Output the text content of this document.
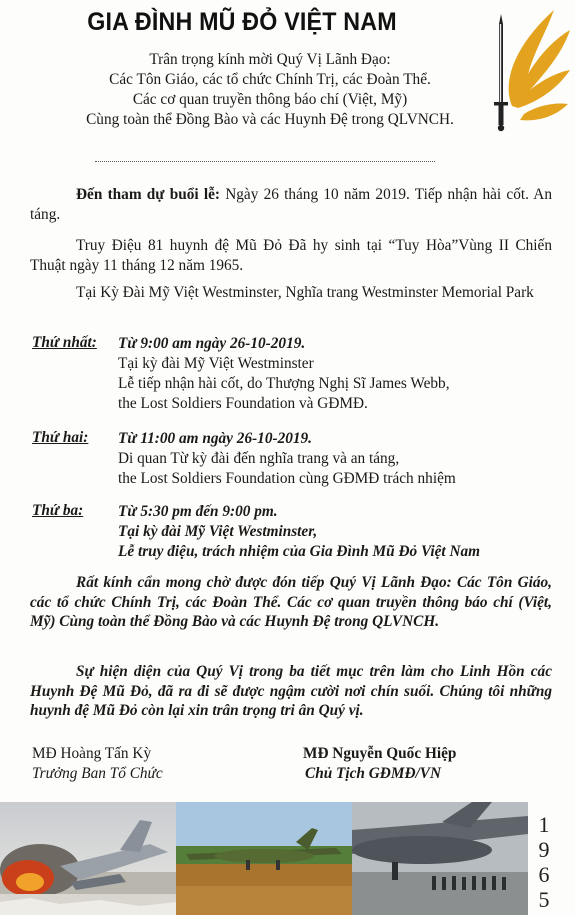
GIA ĐÌNH MŨ ĐỎ VIỆT NAM
Trân trọng kính mời Quý Vị Lãnh Đạo:
Các Tôn Giáo, các tổ chức Chính Trị, các Đoàn Thể.
Các cơ quan truyền thông báo chí (Việt, Mỹ)
Cùng toàn thể Đồng Bào và các Huynh Đệ trong QLVNCH.
Đến tham dự buổi lễ: Ngày 26 tháng 10 năm 2019. Tiếp nhận hài cốt. An táng.
Truy Điệu 81 huynh đệ Mũ Đỏ Đã hy sinh tại “Tuy Hòa”Vùng II Chiến Thuật ngày 11 tháng 12 năm 1965.
Tại Kỳ Đài Mỹ Việt Westminster, Nghĩa trang Westminster Memorial Park
Thứ nhất: Từ 9:00 am ngày 26-10-2019.
Tại kỳ đài Mỹ Việt Westminster
Lễ tiếp nhận hài cốt, do Thượng Nghị Sĩ James Webb,
the Lost Soldiers Foundation và GĐMĐ.
Thứ hai: Từ 11:00 am ngày 26-10-2019.
Di quan Từ kỳ đài đến nghĩa trang và an táng,
the Lost Soldiers Foundation cùng GĐMĐ trách nhiệm
Thứ ba: Từ 5:30 pm đến 9:00 pm.
Tại kỳ đài Mỹ Việt Westminster,
Lễ truy điệu, trách nhiệm của Gia Đình Mũ Đỏ Việt Nam
Rất kính cẩn mong chờ được đón tiếp Quý Vị Lãnh Đạo: Các Tôn Giáo, các tổ chức Chính Trị, các Đoàn Thể. Các cơ quan truyền thông báo chí (Việt, Mỹ) Cùng toàn thể Đồng Bào và các Huynh Đệ trong QLVNCH.
Sự hiện diện của Quý Vị trong ba tiết mục trên làm cho Linh Hồn các Huynh Đệ Mũ Đỏ, đã ra đi sẽ được ngậm cười nơi chín suối. Chúng tôi những huynh đệ Mũ Đỏ còn lại xin trân trọng tri ân Quý vị.
MĐ Hoàng Tấn Kỳ
Trưởng Ban Tổ Chức
MĐ Nguyễn Quốc Hiệp
Chủ Tịch GĐMĐ/VN
1
9
6
5
